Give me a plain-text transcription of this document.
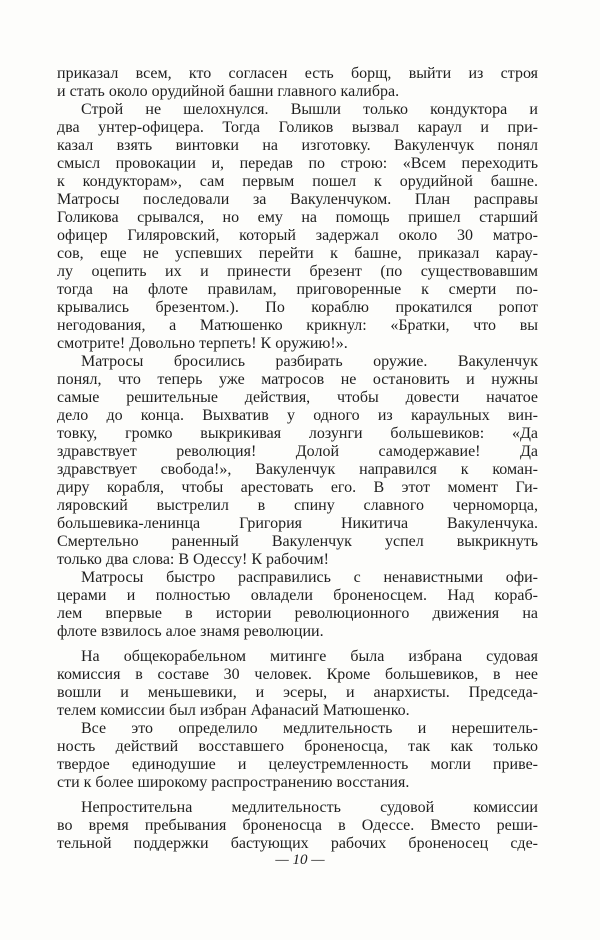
приказал всем, кто согласен есть борщ, выйти из строя
и стать около орудийной башни главного калибра.
Строй не шелохнулся. Вышли только кондуктора и
два унтер-офицера. Тогда Голиков вызвал караул и при-
казал взять винтовки на изготовку. Вакуленчук понял
смысл провокации и, передав по строю: «Всем переходить
к кондукторам», сам первым пошел к орудийной башне.
Матросы последовали за Вакуленчуком. План расправы
Голикова срывался, но ему на помощь пришел старший
офицер Гиляровский, который задержал около 30 матро-
сов, еще не успевших перейти к башне, приказал карау-
лу оцепить их и принести брезент (по существовавшим
тогда на флоте правилам, приговоренные к смерти по-
крывались брезентом.). По кораблю прокатился ропот
негодования, а Матюшенко крикнул: «Братки, что вы
смотрите! Довольно терпеть! К оружию!».
Матросы бросились разбирать оружие. Вакуленчук
понял, что теперь уже матросов не остановить и нужны
самые решительные действия, чтобы довести начатое
дело до конца. Выхватив у одного из караульных вин-
товку, громко выкрикивая лозунги большевиков: «Да
здравствует революция! Долой самодержавие! Да
здравствует свобода!», Вакуленчук направился к коман-
диру корабля, чтобы арестовать его. В этот момент Ги-
ляровский выстрелил в спину славного черноморца,
большевика-ленинца Григория Никитича Вакуленчука.
Смертельно раненный Вакуленчук успел выкрикнуть
только два слова: В Одессу! К рабочим!
Матросы быстро расправились с ненавистными офи-
церами и полностью овладели броненосцем. Над кораб-
лем впервые в истории революционного движения на
флоте взвилось алое знамя революции.
На общекорабельном митинге была избрана судовая
комиссия в составе 30 человек. Кроме большевиков, в нее
вошли и меньшевики, и эсеры, и анархисты. Председа-
телем комиссии был избран Афанасий Матюшенко.
Все это определило медлительность и нерешитель-
ность действий восставшего броненосца, так как только
твердое единодушие и целеустремленность могли приве-
сти к более широкому распространению восстания.
Непростительна медлительность судовой комиссии
во время пребывания броненосца в Одессе. Вместо реши-
тельной поддержки бастующих рабочих броненосец сде-
— 10 —
